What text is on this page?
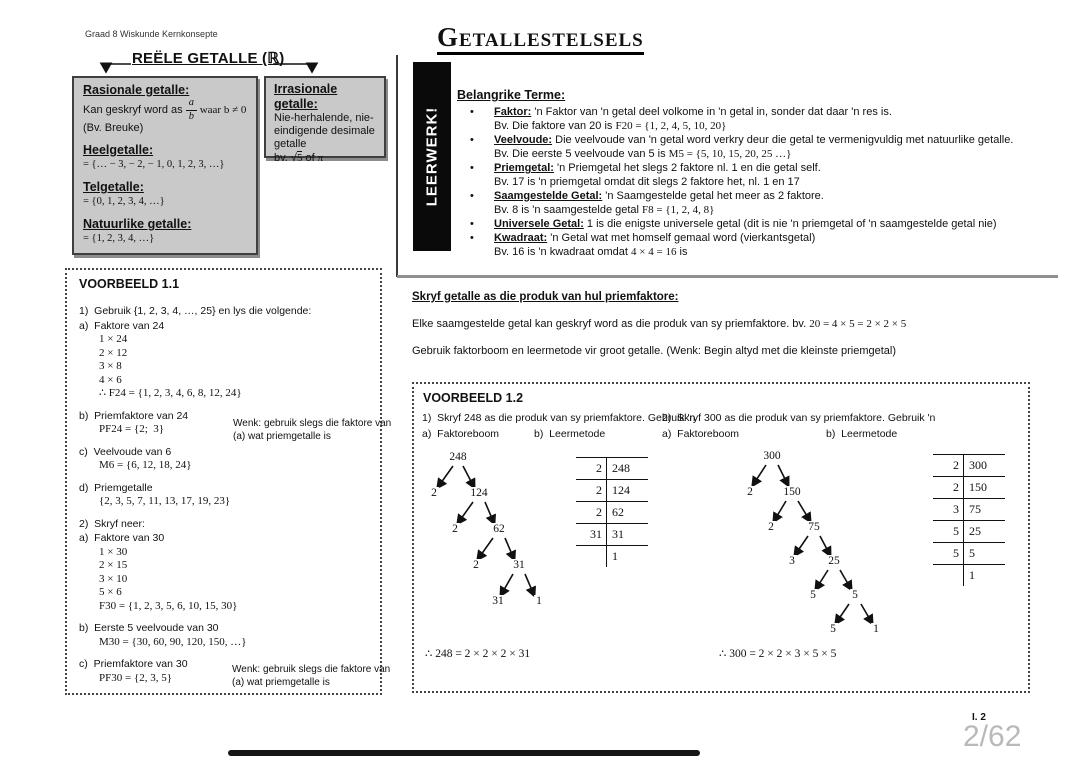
Graad 8 Wiskunde Kernkonsepte	Getallestelsels
REËLE GETALLE (ℝ)
Rasionale getalle:
Kan geskryf word as $\frac{a}{b}$ waar b ≠ 0
(Bv. Breuke)
Heelgetalle:
= {… − 3, − 2, − 1, 0, 1, 2, 3, …}
Telgetalle:
= {0, 1, 2, 3, 4, …}
Natuurlike getalle:
= {1, 2, 3, 4, …}
Irrasionale getalle:
Nie-herhalende, nie-
eindigende desimale
getalle
bv. √5 of π	LEERWERK!
Belangrike Terme:
• Faktor: 'n Faktor van 'n getal deel volkome in 'n getal in, sonder dat daar 'n res is.
Bv. Die faktore van 20 is F20 = {1, 2, 4, 5, 10, 20}
• Veelvoude: Die veelvoude van 'n getal word verkry deur die getal te vermenigvuldig met natuurlike getalle.
Bv. Die eerste 5 veelvoude van 5 is M5 = {5, 10, 15, 20, 25 …}
• Priemgetal: 'n Priemgetal het slegs 2 faktore nl. 1 en die getal self.
Bv. 17 is 'n priemgetal omdat dit slegs 2 faktore het, nl. 1 en 17
• Saamgestelde Getal: 'n Saamgestelde getal het meer as 2 faktore.
Bv. 8 is 'n saamgestelde getal F8 = {1, 2, 4, 8}
• Universele Getal: 1 is die enigste universele getal (dit is nie 'n priemgetal of 'n saamgestelde getal nie)
• Kwadraat: 'n Getal wat met homself gemaal word (vierkantsgetal)
Bv. 16 is 'n kwadraat omdat 4 × 4 = 16 is
Skryf getalle as die produk van hul priemfaktore:
Elke saamgestelde getal kan geskryf word as die produk van sy priemfaktore. bv. 20 = 4 × 5 = 2 × 2 × 5
Gebruik faktorboom en leermetode vir groot getalle. (Wenk: Begin altyd met die kleinste priemgetal)
VOORBEELD 1.1
1)  Gebruik {1, 2, 3, 4, …, 25} en lys die volgende:
a)  Faktore van 24
1 × 24
2 × 12
3 × 8
4 × 6
∴ F24 = {1, 2, 3, 4, 6, 8, 12, 24}
b)  Priemfaktore van 24
PF24 = {2;  3}
c)  Veelvoude van 6
M6 = {6, 12, 18, 24}
d)  Priemgetalle
{2, 3, 5, 7, 11, 13, 17, 19, 23}
2)  Skryf neer:
a)  Faktore van 30
1 × 30
2 × 15
3 × 10
5 × 6
F30 = {1, 2, 3, 5, 6, 10, 15, 30}
b)  Eerste 5 veelvoude van 30
M30 = {30, 60, 90, 120, 150, …}
c)  Priemfaktore van 30
PF30 = {2, 3, 5}
Wenk: gebruik slegs die faktore van (a) wat priemgetalle is
Wenk: gebruik slegs die faktore van (a) wat priemgetalle is
VOORBEELD 1.2
1)  Skryf 248 as die produk van sy priemfaktore. Gebruik 'n
a)  Faktoreboom	b)  Leermetode
2)  Skryf 300 as die produk van sy priemfaktore. Gebruik 'n
a)  Faktoreboom	b)  Leermetode
248
2	124
2	62
2	31
31	1
2 248
2 124
2 62
31 31
1
300
2	150
2	75
3	25
5	5
5	1
2 300
2 150
3 75
5 25
5 5
1
∴ 248 = 2 × 2 × 2 × 31	∴ 300 = 2 × 2 × 3 × 5 × 5
I. 2
2/62
